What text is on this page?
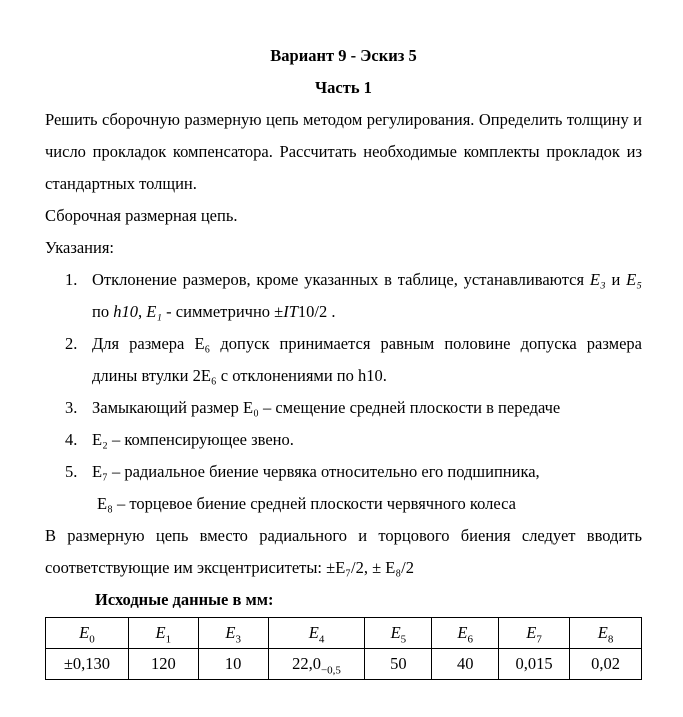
Вариант 9 - Эскиз 5
Часть 1
Решить сборочную размерную цепь методом регулирования. Определить толщину и число прокладок компенсатора. Рассчитать необходимые комплекты прокладок из стандартных толщин.
Сборочная размерная цепь.
Указания:
1. Отклонение размеров, кроме указанных в таблице, устанавливаются E₃ и E₅ по h10, E₁ - симметрично ±IT10/2 .
2. Для размера E₆ допуск принимается равным половине допуска размера длины втулки 2E₆ с отклонениями по h10.
3. Замыкающий размер E₀ – смещение средней плоскости в передаче
4. E₂ – компенсирующее звено.
5. E₇ – радиальное биение червяка относительно его подшипника,
E₈ – торцевое биение средней плоскости червячного колеса
В размерную цепь вместо радиального и торцового биения следует вводить соответствующие им эксцентриситеты: ±E₇/2, ± E₈/2
Исходные данные в мм:
$E_0$	$E_1$	$E_3$	$E_4$	$E_5$	$E_6$	$E_7$	$E_8$
±0,130	120	10	$22,0_{-0,5}$	50	40	0,015	0,02
